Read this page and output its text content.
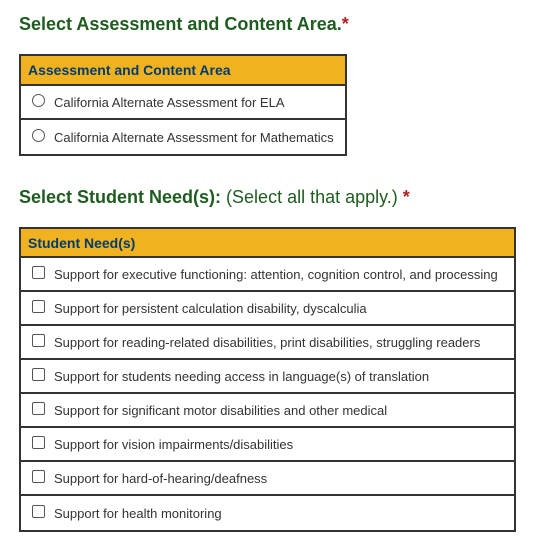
Select Assessment and Content Area.*
Assessment and Content Area
California Alternate Assessment for ELA
California Alternate Assessment for Mathematics
Select Student Need(s): (Select all that apply.) *
Student Need(s)
Support for executive functioning: attention, cognition control, and processing
Support for persistent calculation disability, dyscalculia
Support for reading-related disabilities, print disabilities, struggling readers
Support for students needing access in language(s) of translation
Support for significant motor disabilities and other medical
Support for vision impairments/disabilities
Support for hard-of-hearing/deafness
Support for health monitoring
